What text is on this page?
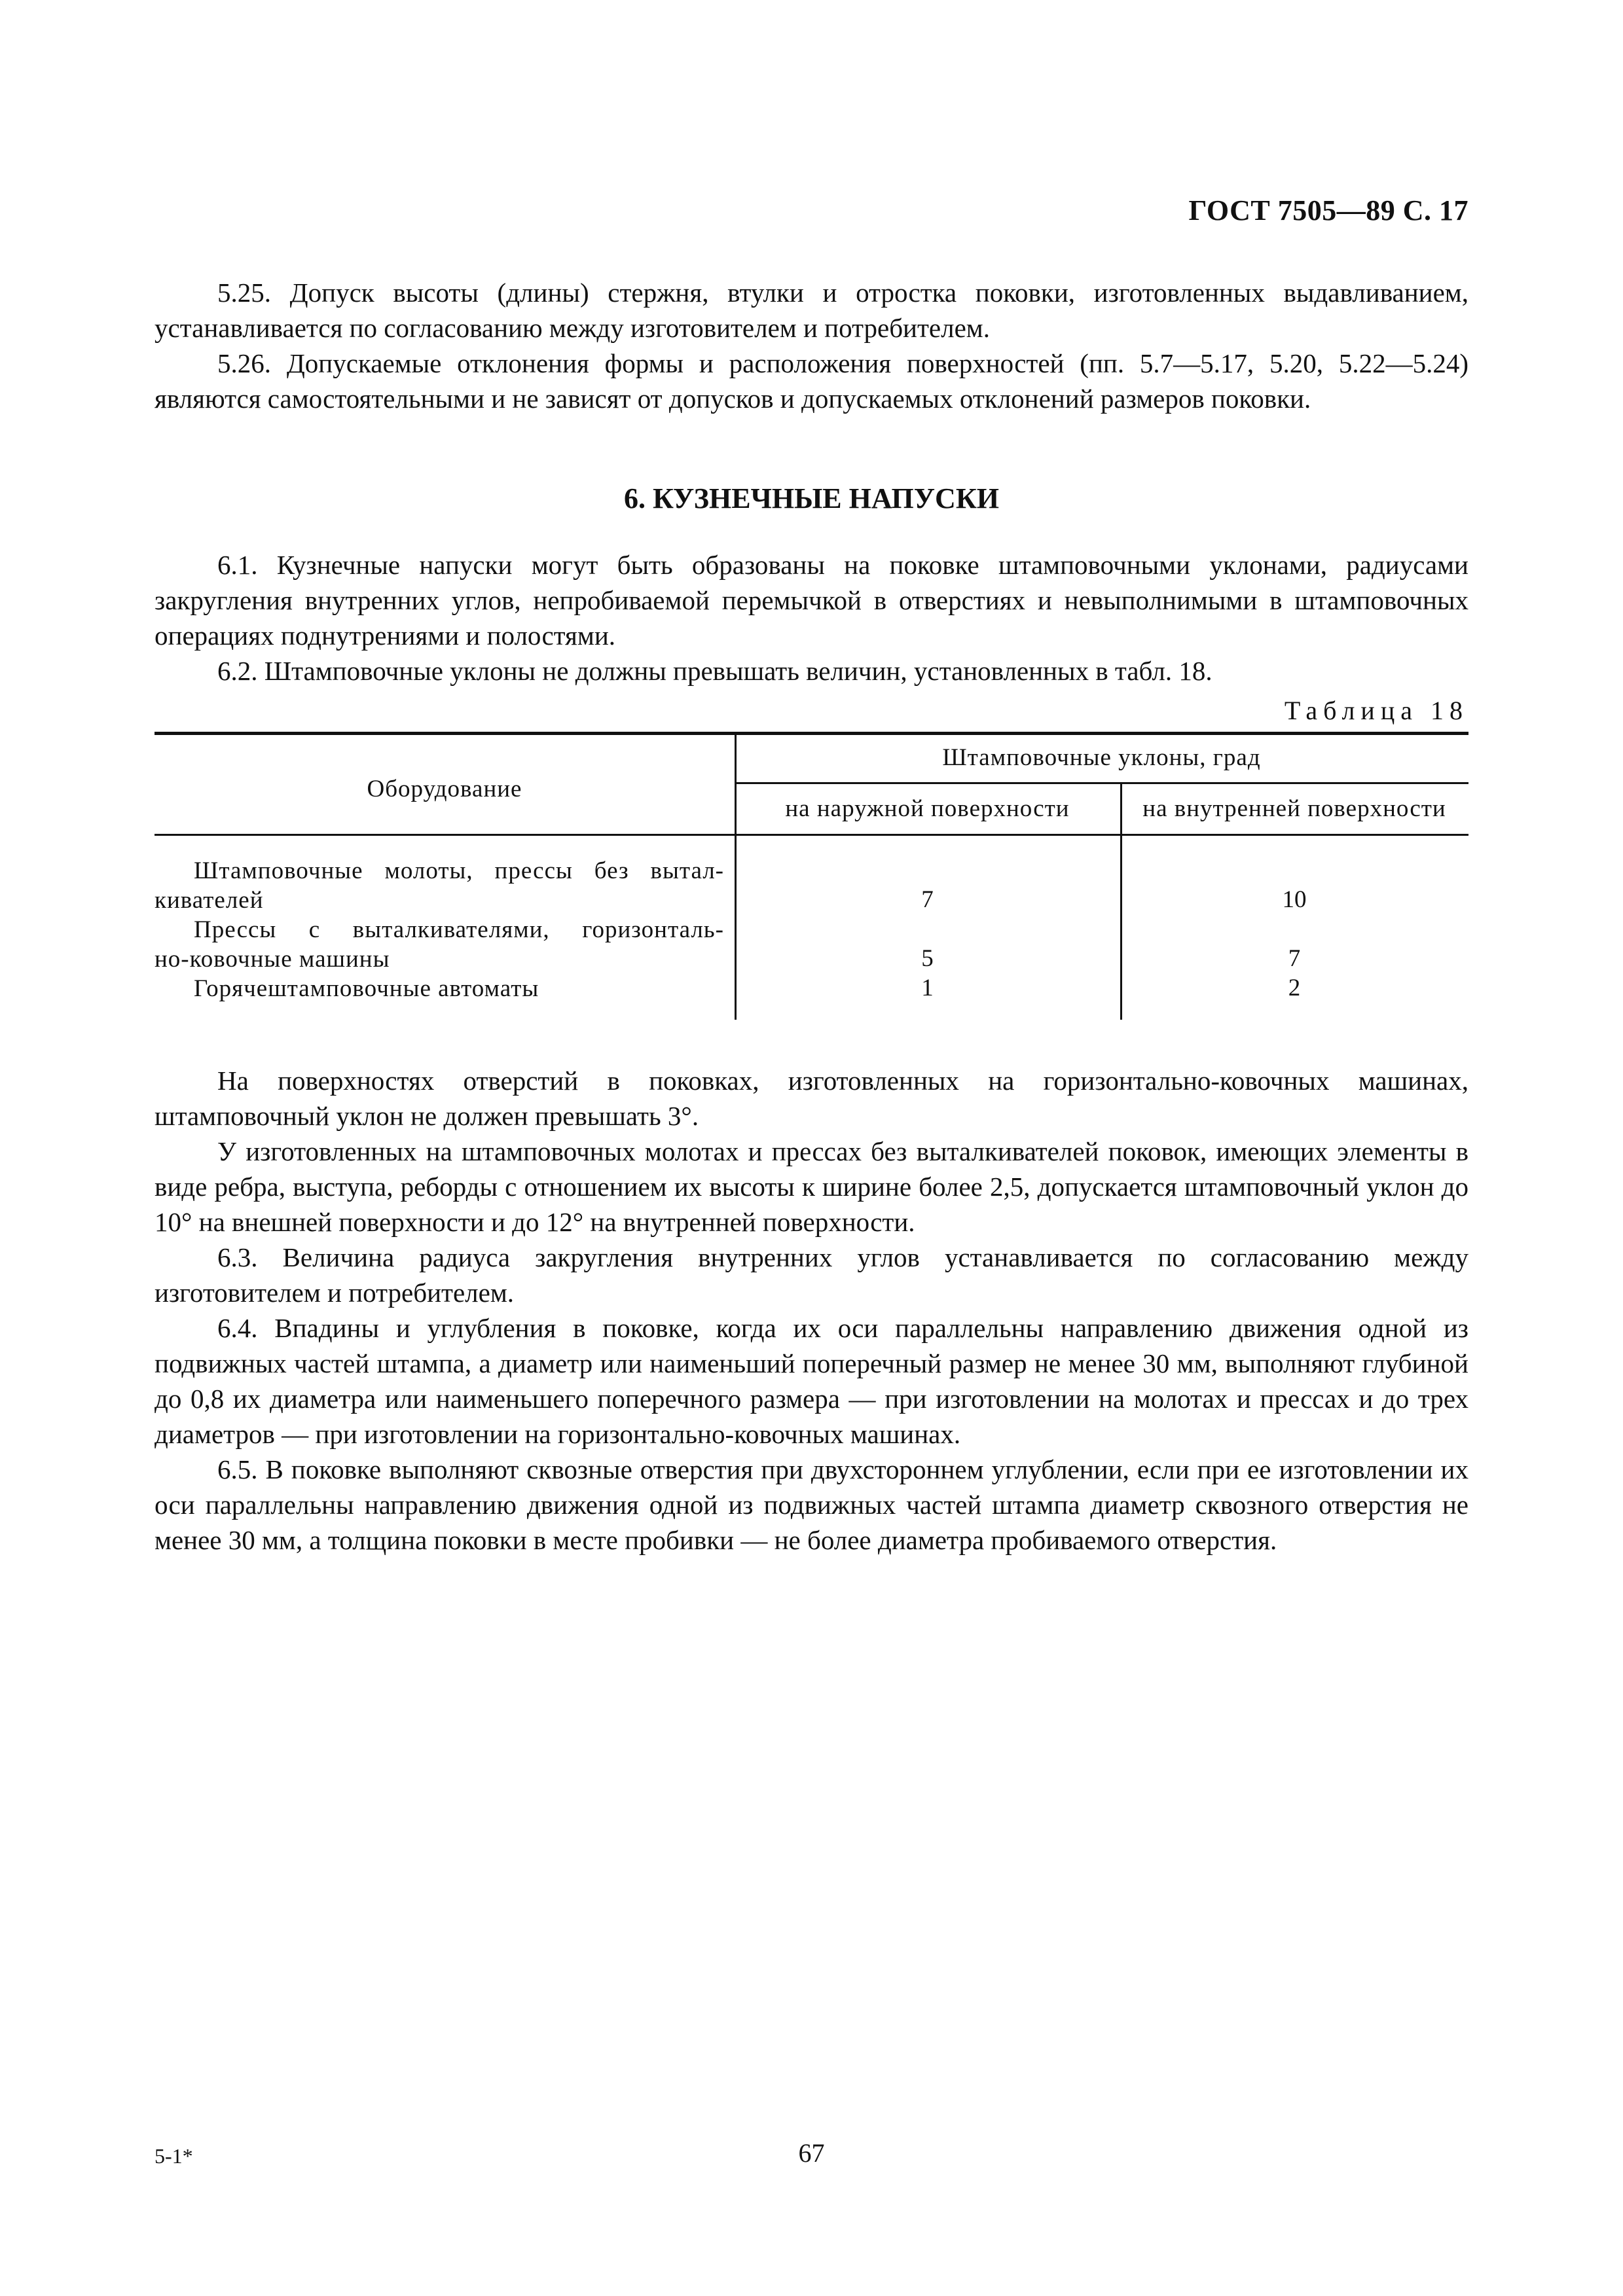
ГОСТ 7505—89 С. 17

5.25. Допуск высоты (длины) стержня, втулки и отростка поковки, изготовленных выдавливанием, устанавливается по согласованию между изготовителем и потребителем.

5.26. Допускаемые отклонения формы и расположения поверхностей (пп. 5.7—5.17, 5.20, 5.22—5.24) являются самостоятельными и не зависят от допусков и допускаемых отклонений размеров поковки.

6. КУЗНЕЧНЫЕ НАПУСКИ

6.1. Кузнечные напуски могут быть образованы на поковке штамповочными уклонами, радиусами закругления внутренних углов, непробиваемой перемычкой в отверстиях и невыполнимыми в штамповочных операциях поднутрениями и полостями.

6.2. Штамповочные уклоны не должны превышать величин, установленных в табл. 18.

Таблица 18
Оборудование
Штамповочные уклоны, град
на наружной поверхности	на внутренней поверхности
Штамповочные молоты, прессы без вытал-
кивателей	7	10
Прессы с выталкивателями, горизонталь-
но-ковочные машины	5	7
Горячештамповочные автоматы	1	2

На поверхностях отверстий в поковках, изготовленных на горизонтально-ковочных машинах, штамповочный уклон не должен превышать 3°.

У изготовленных на штамповочных молотах и прессах без выталкивателей поковок, имеющих элементы в виде ребра, выступа, реборды с отношением их высоты к ширине более 2,5, допускается штамповочный уклон до 10° на внешней поверхности и до 12° на внутренней поверхности.

6.3. Величина радиуса закругления внутренних углов устанавливается по согласованию между изготовителем и потребителем.

6.4. Впадины и углубления в поковке, когда их оси параллельны направлению движения одной из подвижных частей штампа, а диаметр или наименьший поперечный размер не менее 30 мм, выполняют глубиной до 0,8 их диаметра или наименьшего поперечного размера — при изготовлении на молотах и прессах и до трех диаметров — при изготовлении на горизонтально-ковочных машинах.

6.5. В поковке выполняют сквозные отверстия при двухстороннем углублении, если при ее изготовлении их оси параллельны направлению движения одной из подвижных частей штампа диаметр сквозного отверстия не менее 30 мм, а толщина поковки в месте пробивки — не более диаметра пробиваемого отверстия.

5-1*	67
